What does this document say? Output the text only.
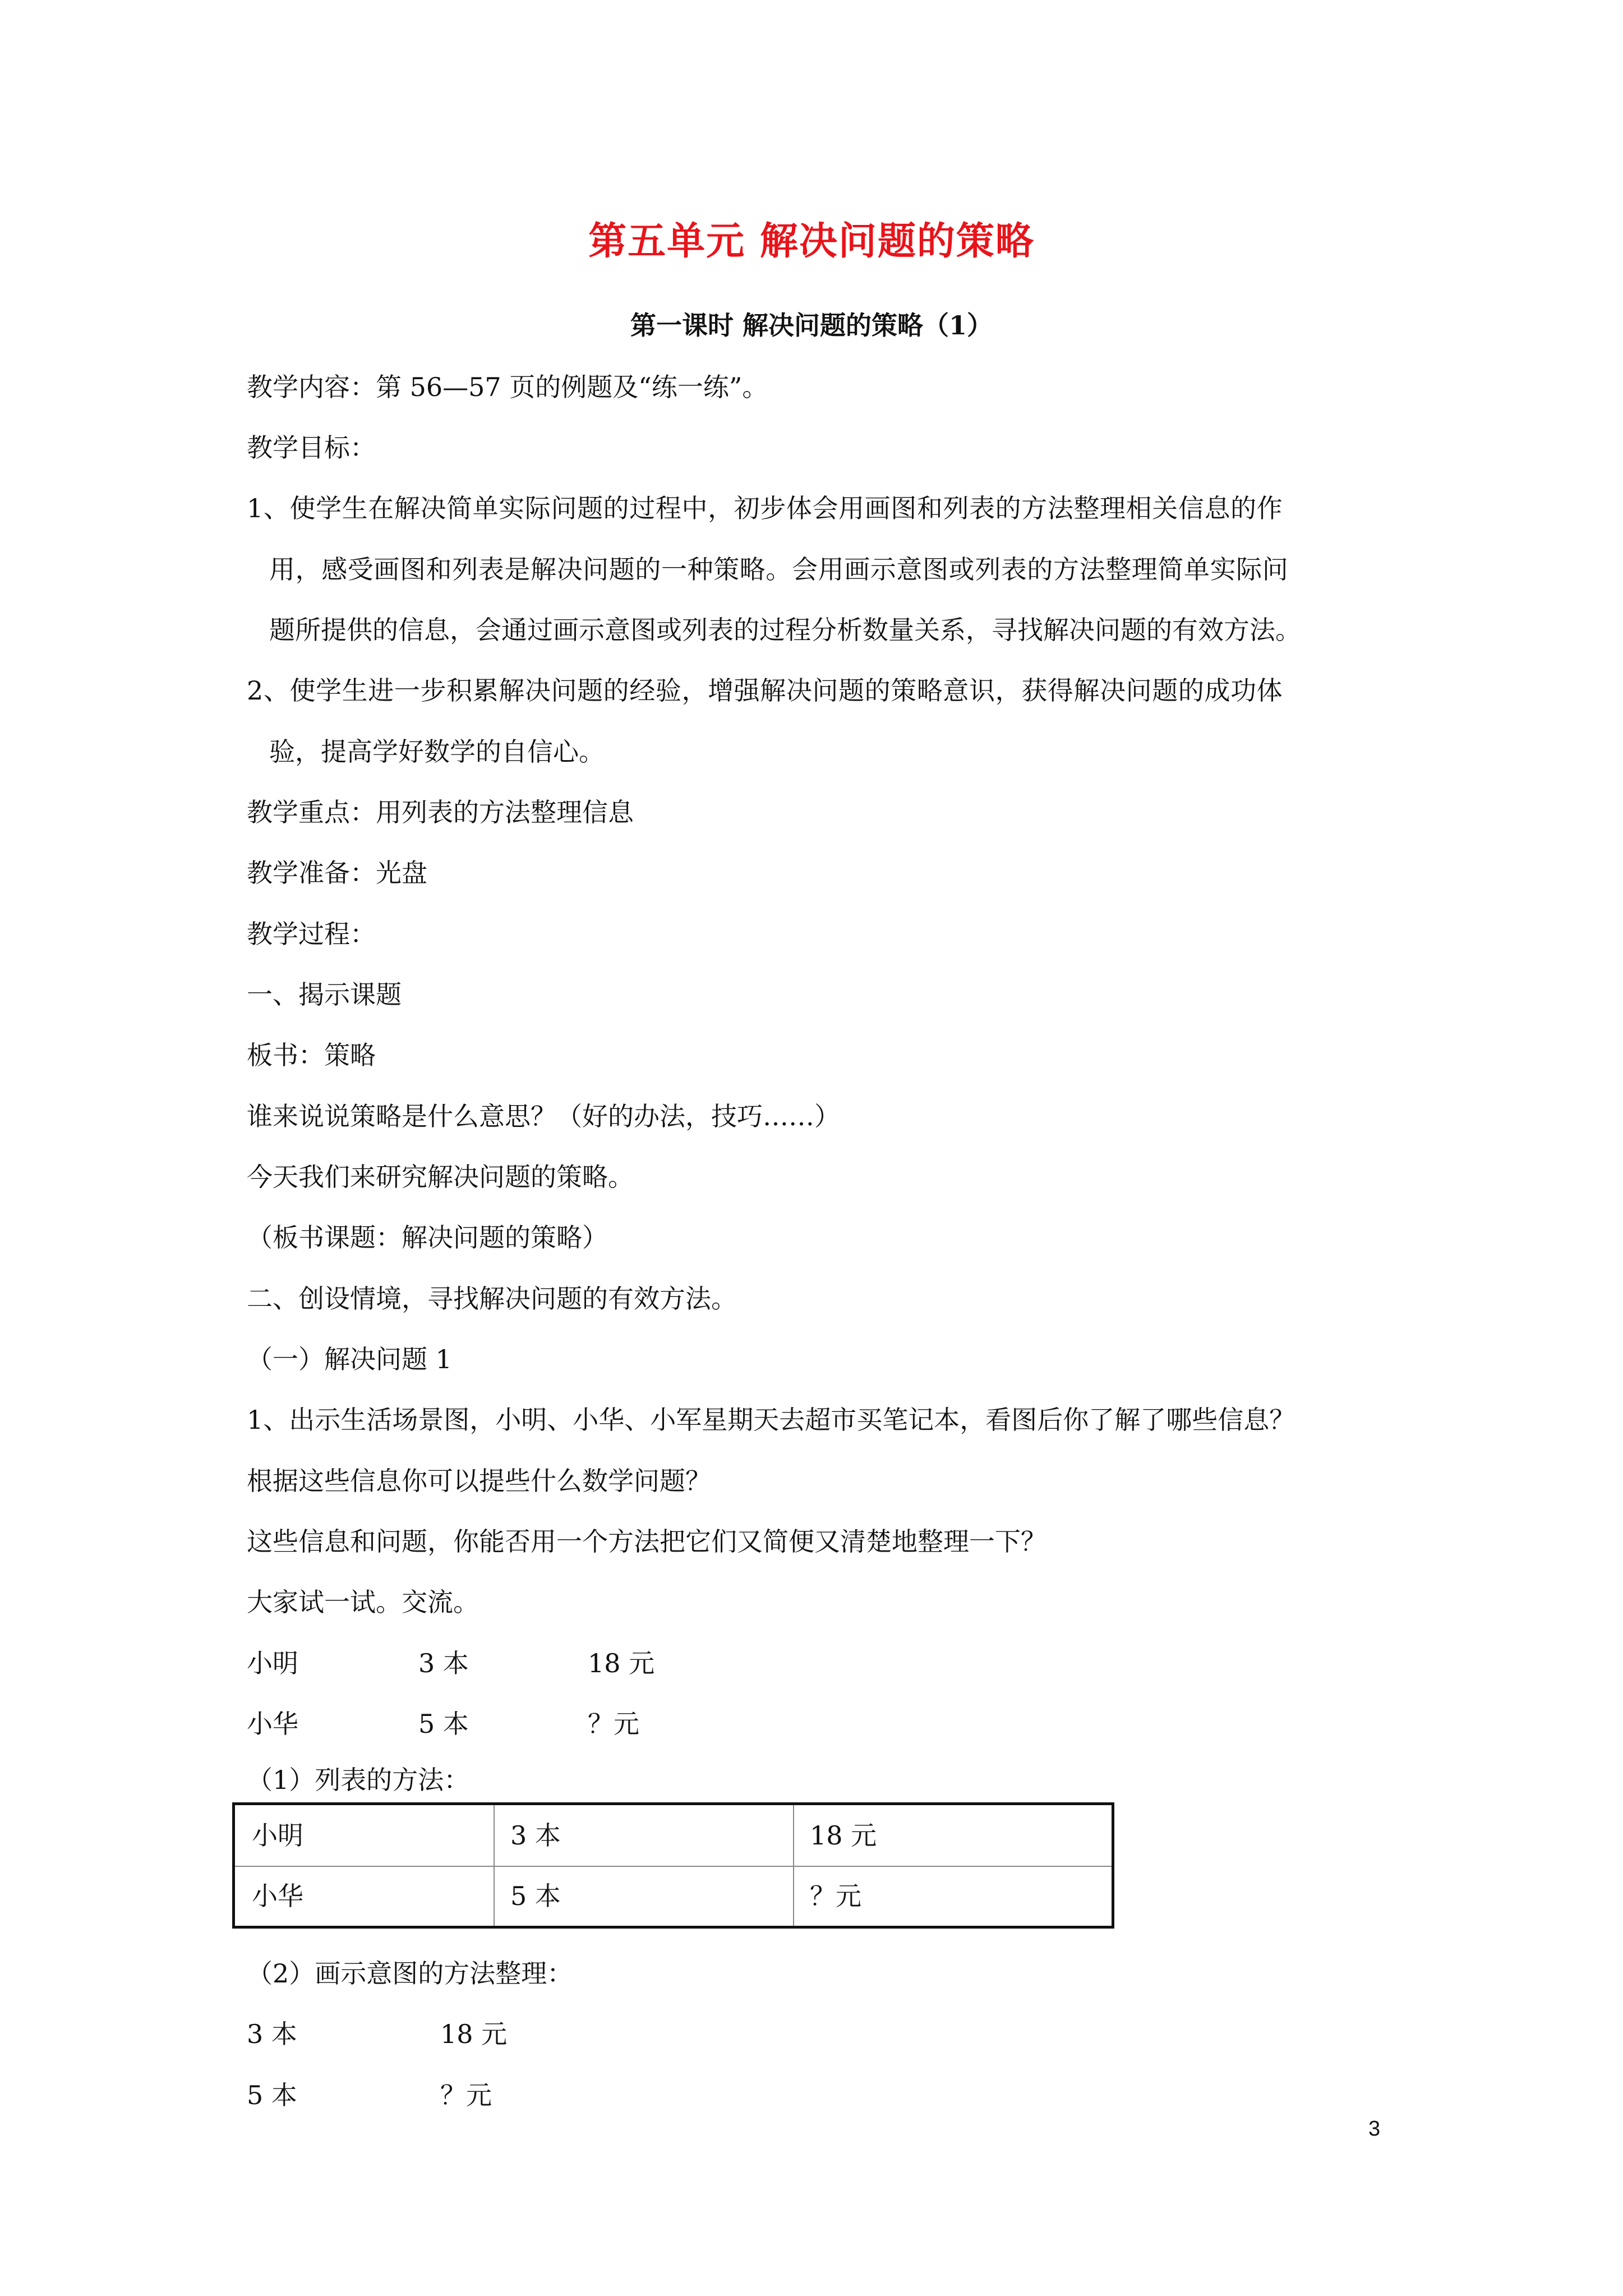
第五单元 解决问题的策略
第一课时 解决问题的策略（1）

教学内容：第 56—57 页的例题及“练一练”。

教学目标：

1、使学生在解决简单实际问题的过程中，初步体会用画图和列表的方法整理相关信息的作

用，感受画图和列表是解决问题的一种策略。会用画示意图或列表的方法整理简单实际问

题所提供的信息，会通过画示意图或列表的过程分析数量关系，寻找解决问题的有效方法。

2、使学生进一步积累解决问题的经验，增强解决问题的策略意识，获得解决问题的成功体

验，提高学好数学的自信心。

教学重点：用列表的方法整理信息

教学准备：光盘

教学过程：

一、揭示课题

板书：策略

谁来说说策略是什么意思？（好的办法，技巧……）

今天我们来研究解决问题的策略。

（板书课题：解决问题的策略）

二、创设情境，寻找解决问题的有效方法。

（一）解决问题 1

1、出示生活场景图，小明、小华、小军星期天去超市买笔记本，看图后你了解了哪些信息？

根据这些信息你可以提些什么数学问题？

这些信息和问题，你能否用一个方法把它们又简便又清楚地整理一下？

大家试一试。交流。

小明	3 本	18 元
小华	5 本	？元

（1）列表的方法：

小明	3 本	18 元
小华	5 本	？元

（2）画示意图的方法整理：

3 本	18 元
5 本	？元
3
